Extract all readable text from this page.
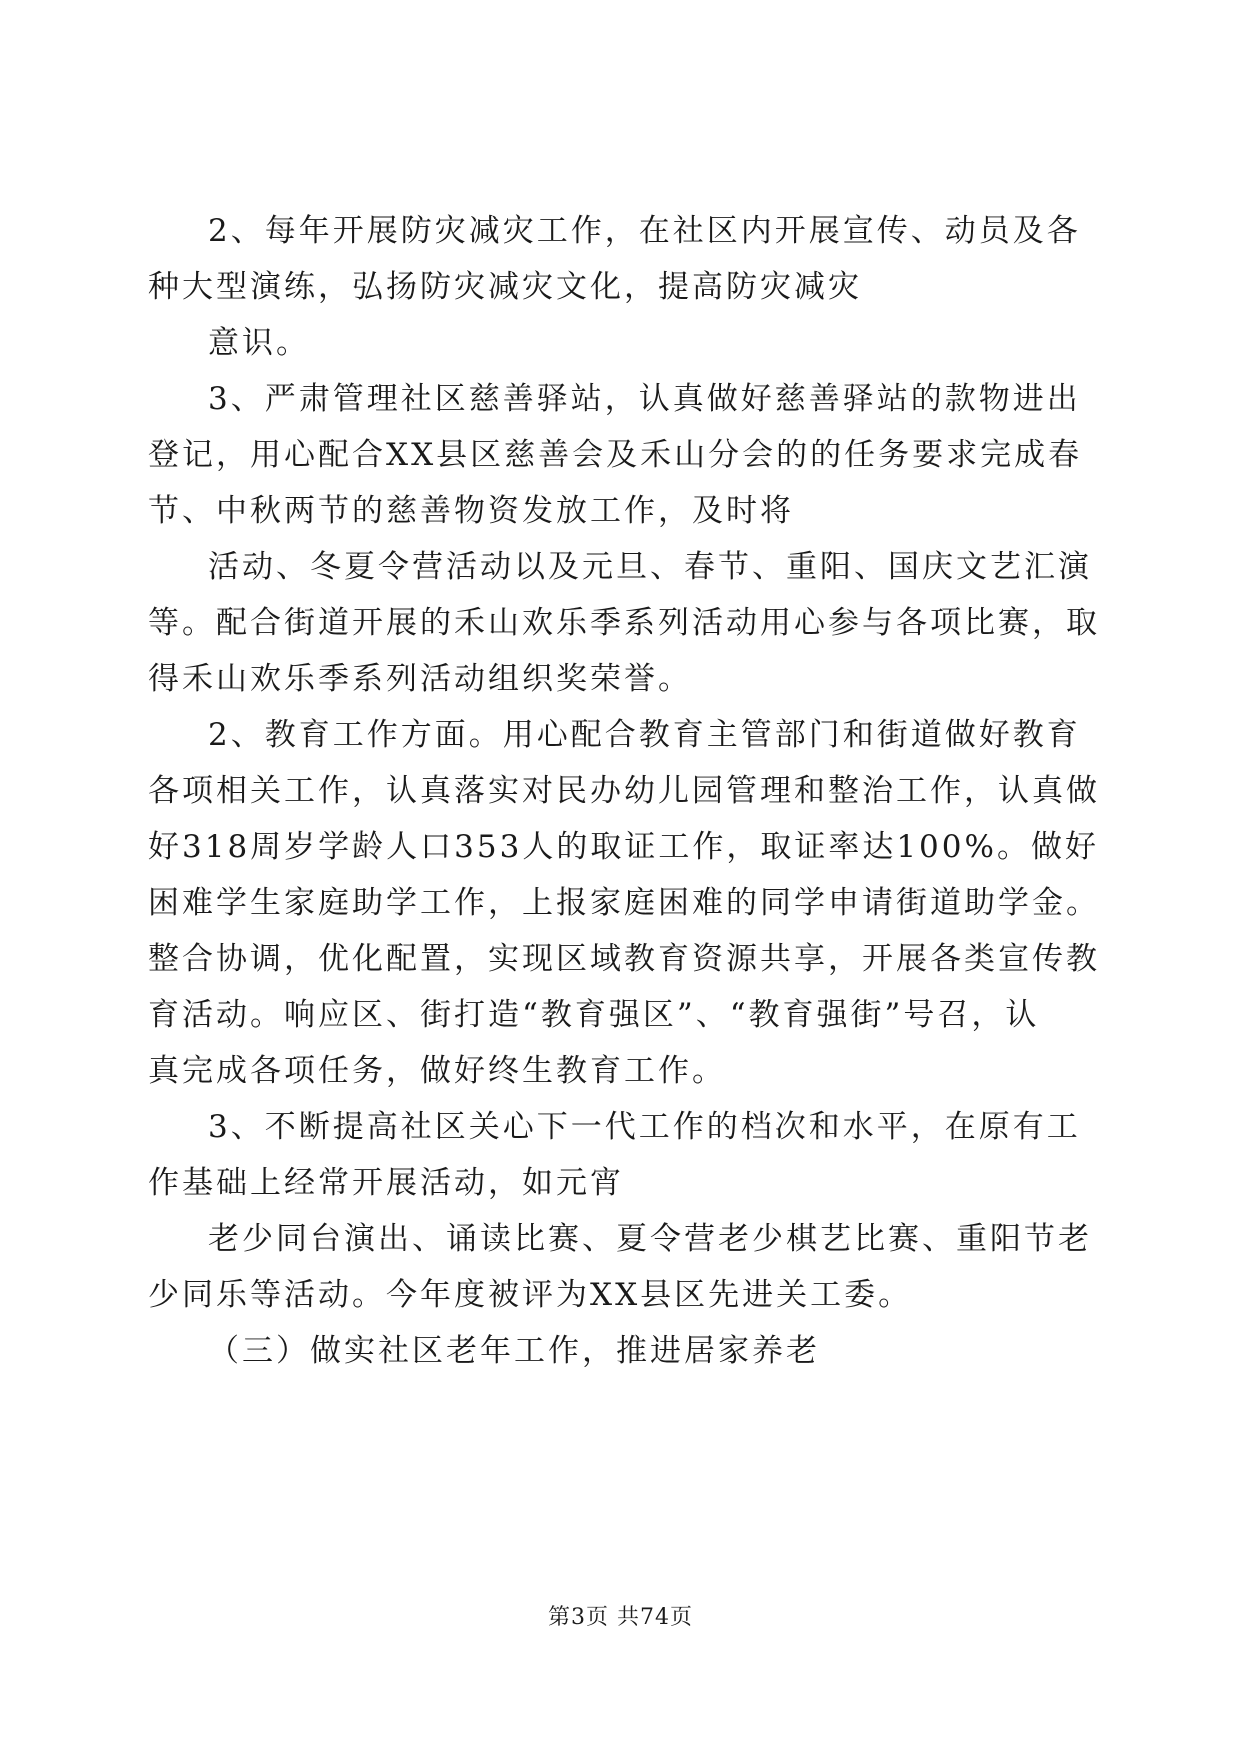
2、每年开展防灾减灾工作，在社区内开展宣传、动员及各
种大型演练，弘扬防灾减灾文化，提高防灾减灾
意识。
3、严肃管理社区慈善驿站，认真做好慈善驿站的款物进出
登记，用心配合XX县区慈善会及禾山分会的的任务要求完成春
节、中秋两节的慈善物资发放工作，及时将
活动、冬夏令营活动以及元旦、春节、重阳、国庆文艺汇演
等。配合街道开展的禾山欢乐季系列活动用心参与各项比赛，取
得禾山欢乐季系列活动组织奖荣誉。
2、教育工作方面。用心配合教育主管部门和街道做好教育
各项相关工作，认真落实对民办幼儿园管理和整治工作，认真做
好318周岁学龄人口353人的取证工作，取证率达100%。做好
困难学生家庭助学工作，上报家庭困难的同学申请街道助学金。
整合协调，优化配置，实现区域教育资源共享，开展各类宣传教
育活动。响应区、街打造“教育强区”、“教育强街”号召，认
真完成各项任务，做好终生教育工作。
3、不断提高社区关心下一代工作的档次和水平，在原有工
作基础上经常开展活动，如元宵
老少同台演出、诵读比赛、夏令营老少棋艺比赛、重阳节老
少同乐等活动。今年度被评为XX县区先进关工委。
（三）做实社区老年工作，推进居家养老
第3页 共74页
